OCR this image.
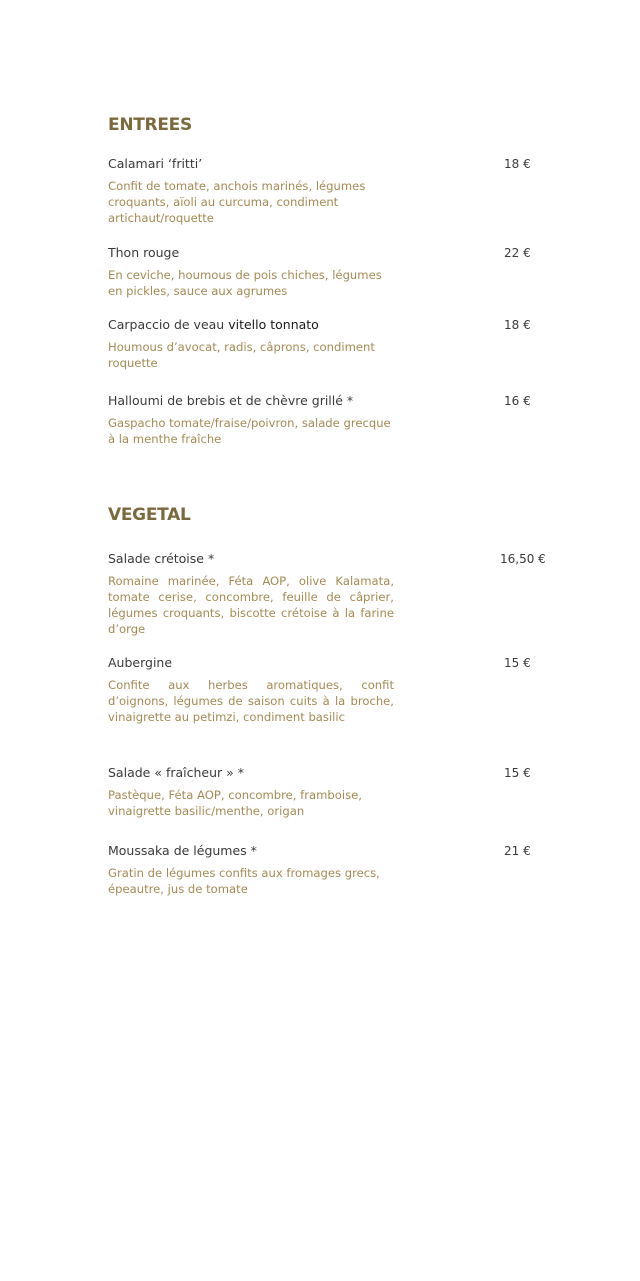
ENTREES
Calamari ‘fritti’	18 €
Confit de tomate, anchois marinés, légumes croquants, aïoli au curcuma, condiment artichaut/roquette
Thon rouge	22 €
En ceviche, houmous de pois chiches, légumes en pickles, sauce aux agrumes
Carpaccio de veau vitello tonnato	18 €
Houmous d’avocat, radis, câprons, condiment roquette
Halloumi de brebis et de chèvre grillé *	16 €
Gaspacho tomate/fraise/poivron, salade grecque à la menthe fraîche
VEGETAL
Salade crétoise *	16,50 €
Romaine marinée, Féta AOP, olive Kalamata, tomate cerise, concombre, feuille de câprier, légumes croquants, biscotte crétoise à la farine d’orge
Aubergine	15 €
Confite aux herbes aromatiques, confit d’oignons, légumes de saison cuits à la broche, vinaigrette au petimzi, condiment basilic
Salade « fraîcheur » *	15 €
Pastèque, Féta AOP, concombre, framboise, vinaigrette basilic/menthe, origan
Moussaka de légumes *	21 €
Gratin de légumes confits aux fromages grecs, épeautre, jus de tomate
